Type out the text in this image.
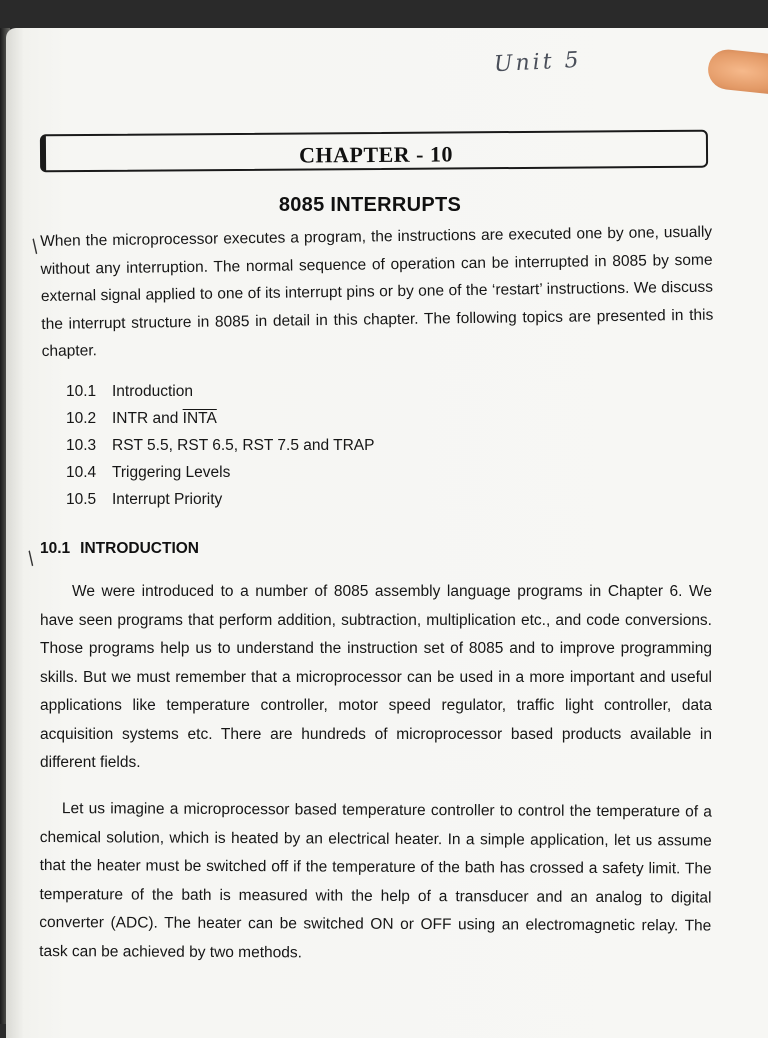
Unit 5
CHAPTER - 10
8085 INTERRUPTS
/
When the microprocessor executes a program, the instructions are executed one by one, usually without any interruption. The normal sequence of operation can be interrupted in 8085 by some external signal applied to one of its interrupt pins or by one of the ‘restart’ instructions. We discuss the interrupt structure in 8085 in detail in this chapter. The following topics are presented in this chapter.
10.1	Introduction
10.2	INTR and INTA
10.3	RST 5.5, RST 6.5, RST 7.5 and TRAP
10.4	Triggering Levels
10.5	Interrupt Priority
/ 10.1 INTRODUCTION
We were introduced to a number of 8085 assembly language programs in Chapter 6. We have seen programs that perform addition, subtraction, multiplication etc., and code conversions. Those programs help us to understand the instruction set of 8085 and to improve programming skills. But we must remember that a microprocessor can be used in a more important and useful applications like temperature controller, motor speed regulator, traffic light controller, data acquisition systems etc. There are hundreds of microprocessor based products available in different fields.
Let us imagine a microprocessor based temperature controller to control the temperature of a chemical solution, which is heated by an electrical heater. In a simple application, let us assume that the heater must be switched off if the temperature of the bath has crossed a safety limit. The temperature of the bath is measured with the help of a transducer and an analog to digital converter (ADC). The heater can be switched ON or OFF using an electromagnetic relay. The task can be achieved by two methods.
